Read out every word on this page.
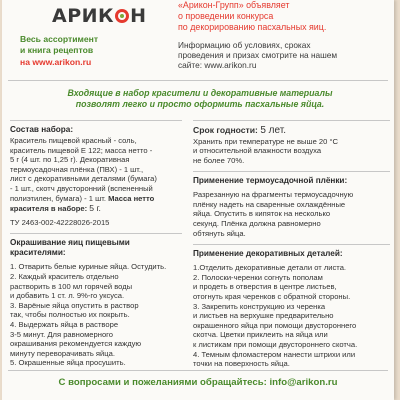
АРИК Н
Весь ассортимент
и книга рецептов
на www.arikon.ru
«Арикон-Групп» объявляет
о проведении конкурса
по декорированию пасхальных яиц.
Информацию об условиях, сроках
проведения и призах смотрите на нашем
сайте: www.arikon.ru
Входящие в набор красители и декоративные материалы
позволят легко и просто оформить пасхальные яйца.
Состав набора:
Краситель пищевой красный - соль,
краситель пищевой Е 122; масса нетто -
5 г (4 шт. по 1,25 г). Декоративная
термоусадочная плёнка (ПВХ) - 1 шт.,
лист с декоративными деталями (бумага)
- 1 шт., скотч двусторонний (вспененный
полиэтилен, бумага) - 1 шт. Масса нетто
красителя в наборе: 5 г.
ТУ 2463-002-42228026-2015
Окрашивание яиц пищевыми
красителями:
1. Отварить белые куриные яйца. Остудить.
2. Каждый краситель отдельно
растворить в 100 мл горячей воды
и добавить 1 ст. л. 9%-го уксуса.
3. Варёные яйца опустить в раствор
так, чтобы полностью их покрыть.
4. Выдержать яйца в растворе
3-5 минут. Для равномерного
окрашивания рекомендуется каждую
минуту переворачивать яйца.
5. Окрашенные яйца просушить.
Срок годности: 5 лет.
Хранить при температуре не выше 20 °С
и относительной влажности воздуха
не более 70%.
Применение термоусадочной плёнки:
Разрезанную на фрагменты термоусадочную
плёнку надеть на сваренные охлаждённые
яйца. Опустить в кипяток на несколько
секунд. Плёнка должна равномерно
обтянуть яйца.
Применение декоративных деталей:
1.Отделить декоративные детали от листа.
2. Полоски-черенки согнуть пополам
и продеть в отверстия в центре листьев,
отогнуть края черенков с обратной стороны.
3. Закрепить конструкцию из черенка
и листьев на верхушке предварительно
окрашенного яйца при помощи двустороннего
скотча. Цветки приклеить на яйца или
к листикам при помощи двустороннего скотча.
4. Темным фломастером нанести штрихи или
точки на поверхность яйца.
С вопросами и пожеланиями обращайтесь: info@arikon.ru
